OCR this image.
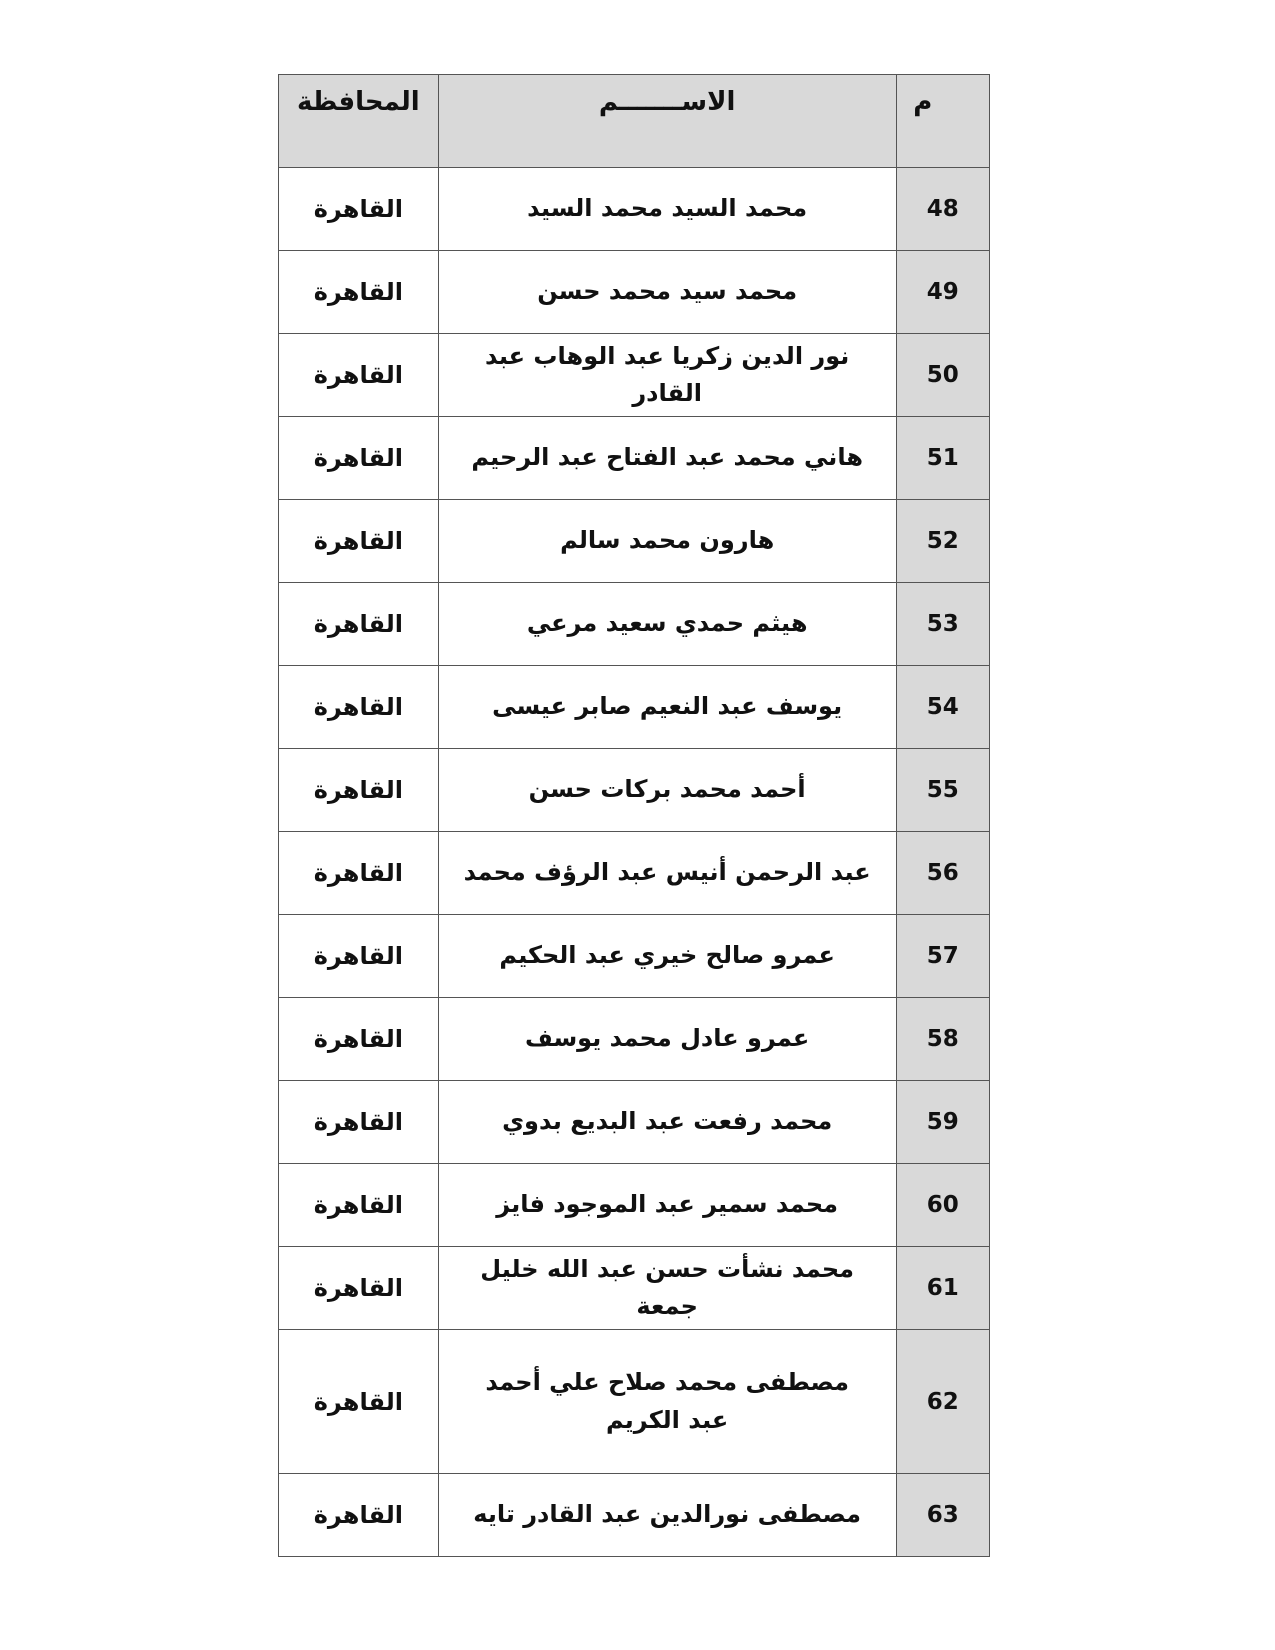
م	الاســـــــم	المحافظة
48	محمد السيد محمد السيد	القاهرة
49	محمد سيد محمد حسن	القاهرة
50	نور الدين زكريا عبد الوهاب عبد القادر	القاهرة
51	هاني محمد عبد الفتاح عبد الرحيم	القاهرة
52	هارون محمد سالم	القاهرة
53	هيثم حمدي سعيد مرعي	القاهرة
54	يوسف عبد النعيم صابر عيسى	القاهرة
55	أحمد محمد بركات حسن	القاهرة
56	عبد الرحمن أنيس عبد الرؤف محمد	القاهرة
57	عمرو صالح خيري عبد الحكيم	القاهرة
58	عمرو عادل محمد يوسف	القاهرة
59	محمد رفعت عبد البديع بدوي	القاهرة
60	محمد سمير عبد الموجود فايز	القاهرة
61	محمد نشأت حسن عبد الله خليل جمعة	القاهرة
62	مصطفى محمد صلاح علي أحمد عبد الكريم	القاهرة
63	مصطفى نورالدين عبد القادر تايه	القاهرة
